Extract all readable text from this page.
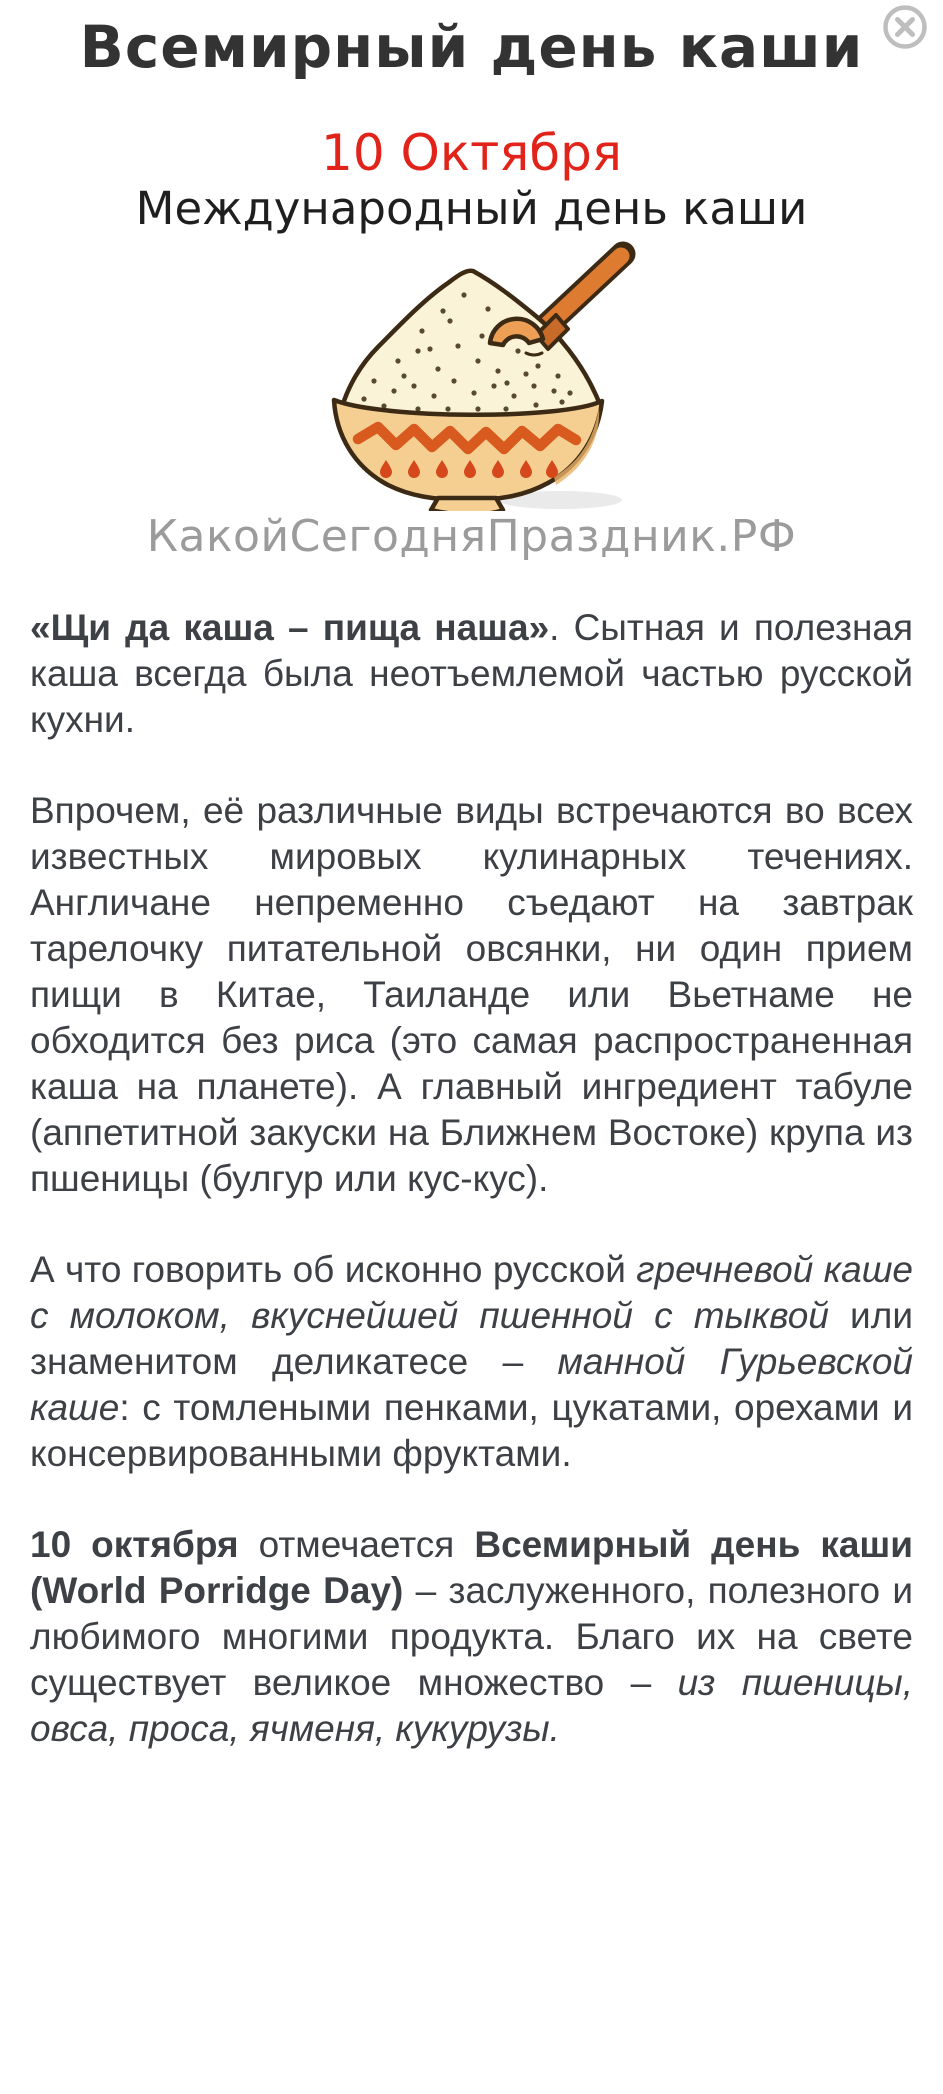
Всемирный день каши
10 Октября
Международный день каши
КакойСегодняПраздник.РФ

«Щи да каша – пища наша». Сытная и полезная каша всегда была неотъемлемой частью русской кухни.

Впрочем, её различные виды встречаются во всех известных мировых кулинарных течениях. Англичане непременно съедают на завтрак тарелочку питательной овсянки, ни один прием пищи в Китае, Таиланде или Вьетнаме не обходится без риса (это самая распространенная каша на планете). А главный ингредиент табуле (аппетитной закуски на Ближнем Востоке) крупа из пшеницы (булгур или кус-кус).

А что говорить об исконно русской гречневой каше с молоком, вкуснейшей пшенной с тыквой или знаменитом деликатесе – манной Гурьевской каше: с томлеными пенками, цукатами, орехами и консервированными фруктами.

10 октября отмечается Всемирный день каши (World Porridge Day) – заслуженного, полезного и любимого многими продукта. Благо их на свете существует великое множество – из пшеницы, овса, проса, ячменя, кукурузы.
